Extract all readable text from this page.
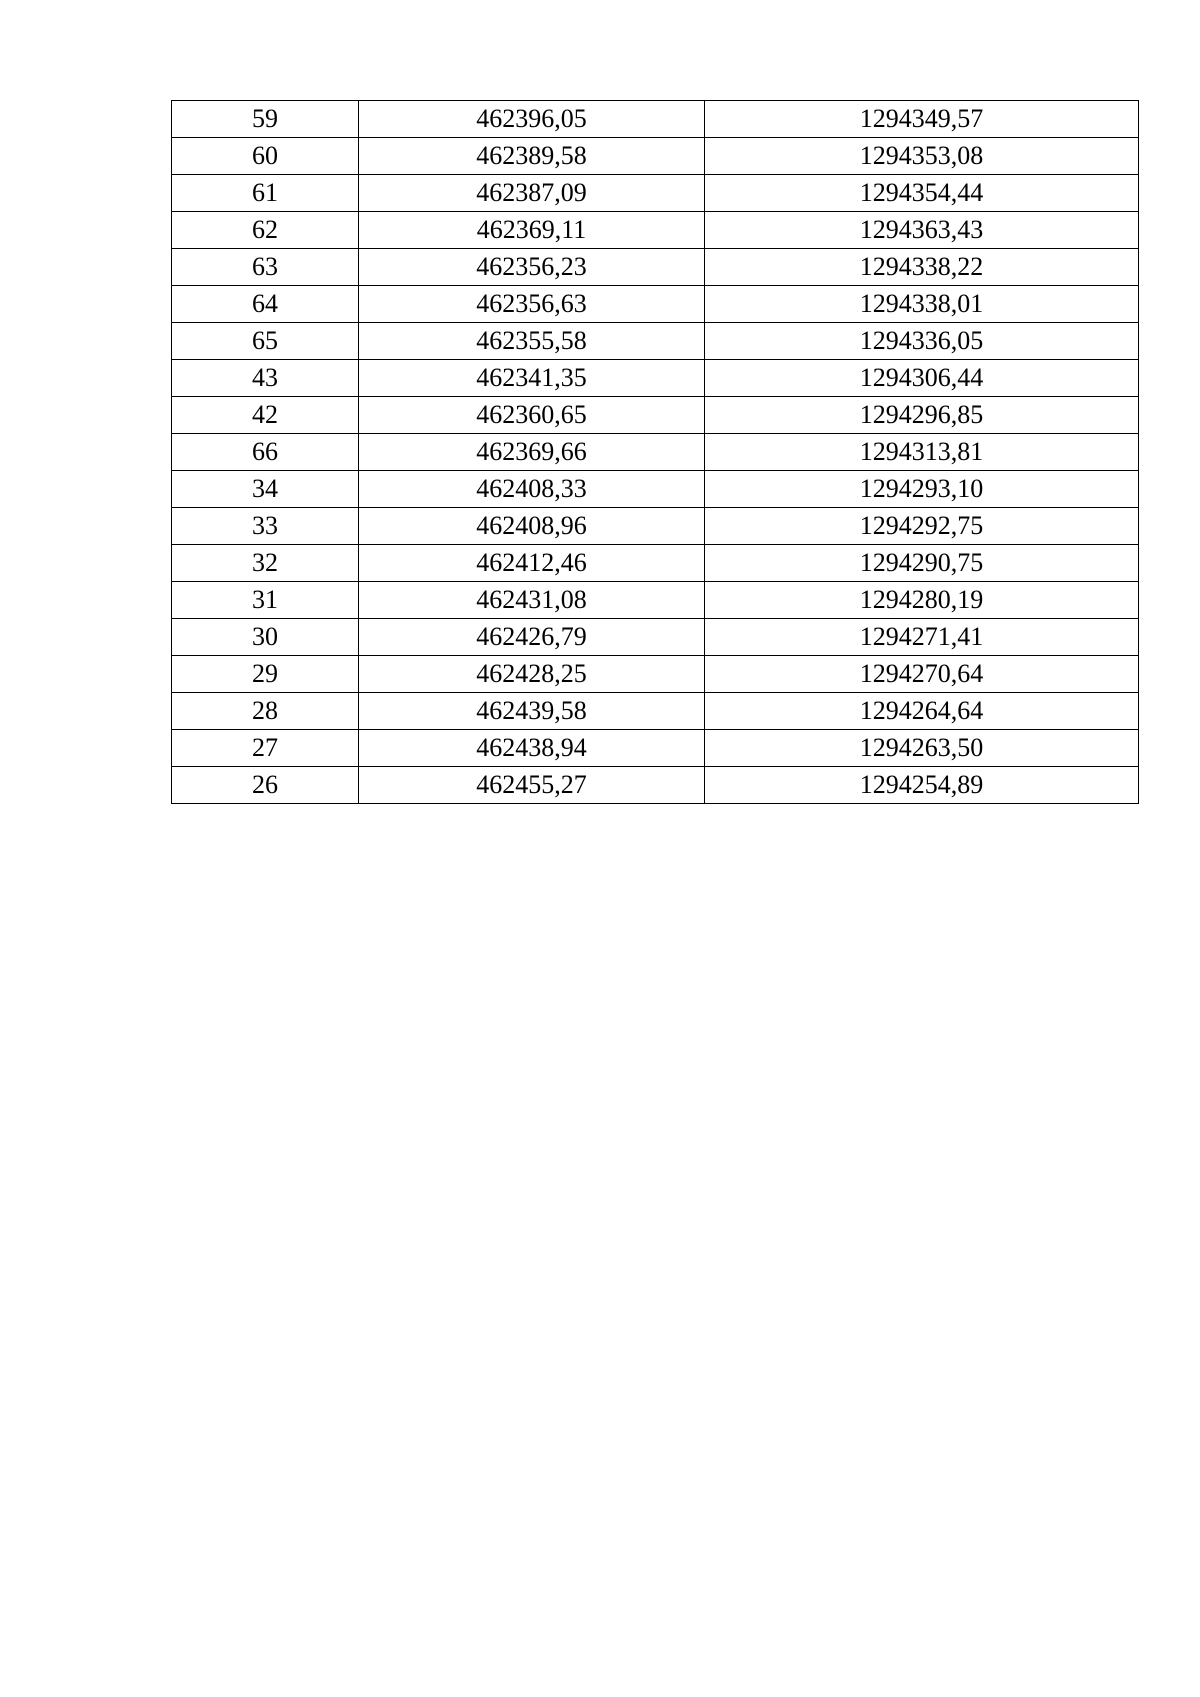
59	462396,05	1294349,57
60	462389,58	1294353,08
61	462387,09	1294354,44
62	462369,11	1294363,43
63	462356,23	1294338,22
64	462356,63	1294338,01
65	462355,58	1294336,05
43	462341,35	1294306,44
42	462360,65	1294296,85
66	462369,66	1294313,81
34	462408,33	1294293,10
33	462408,96	1294292,75
32	462412,46	1294290,75
31	462431,08	1294280,19
30	462426,79	1294271,41
29	462428,25	1294270,64
28	462439,58	1294264,64
27	462438,94	1294263,50
26	462455,27	1294254,89
